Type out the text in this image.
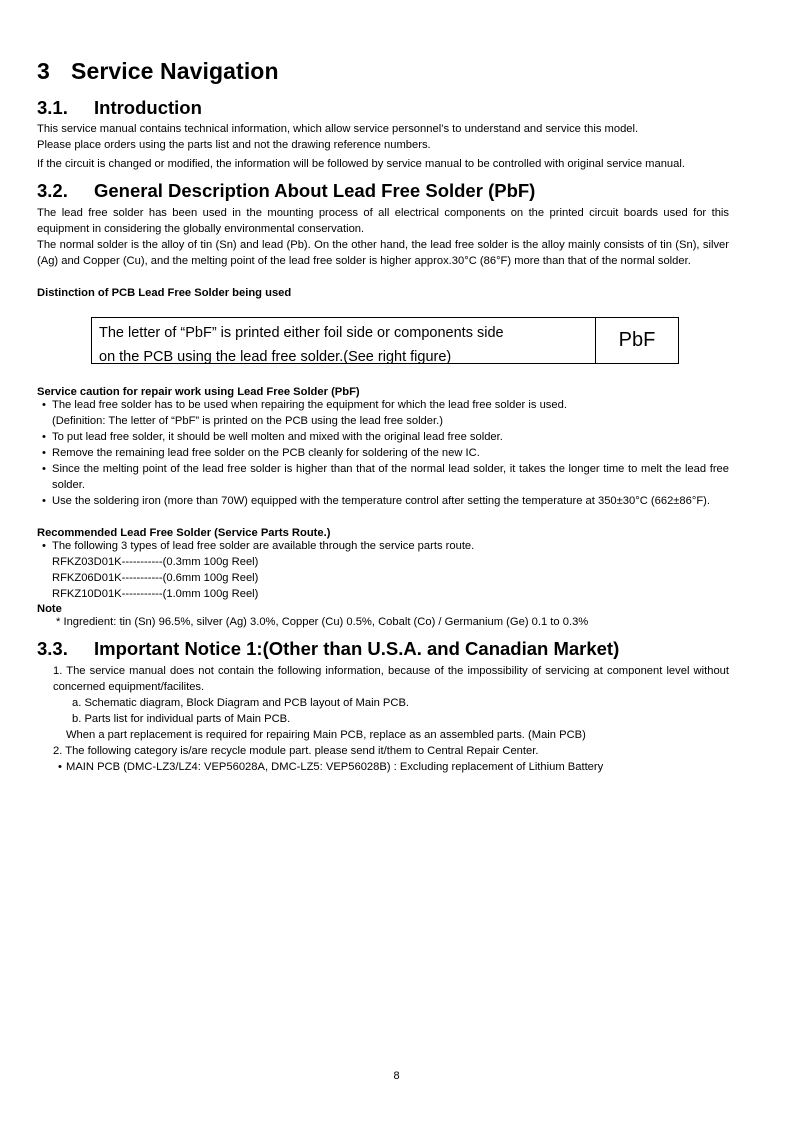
3 Service Navigation
3.1. Introduction

This service manual contains technical information, which allow service personnel’s to understand and service this model.

Please place orders using the parts list and not the drawing reference numbers.

If the circuit is changed or modified, the information will be followed by service manual to be controlled with original service manual.

3.2. General Description About Lead Free Solder (PbF)

The lead free solder has been used in the mounting process of all electrical components on the printed circuit boards used for this equipment in considering the globally environmental conservation.

The normal solder is the alloy of tin (Sn) and lead (Pb). On the other hand, the lead free solder is the alloy mainly consists of tin (Sn), silver (Ag) and Copper (Cu), and the melting point of the lead free solder is higher approx.30°C (86°F) more than that of the normal solder.

Distinction of PCB Lead Free Solder being used

The letter of “PbF” is printed either foil side or components side
on the PCB using the lead free solder.(See right figure)
PbF

Service caution for repair work using Lead Free Solder (PbF)

• The lead free solder has to be used when repairing the equipment for which the lead free solder is used.

(Definition: The letter of “PbF” is printed on the PCB using the lead free solder.)

• To put lead free solder, it should be well molten and mixed with the original lead free solder.
• Remove the remaining lead free solder on the PCB cleanly for soldering of the new IC.
• Since the melting point of the lead free solder is higher than that of the normal lead solder, it takes the longer time to melt the lead free solder.
• Use the soldering iron (more than 70W) equipped with the temperature control after setting the temperature at 350±30°C (662±86°F).

Recommended Lead Free Solder (Service Parts Route.)

• The following 3 types of lead free solder are available through the service parts route.

RFKZ03D01K-----------(0.3mm 100g Reel)

RFKZ06D01K-----------(0.6mm 100g Reel)

RFKZ10D01K-----------(1.0mm 100g Reel)

Note

* Ingredient: tin (Sn) 96.5%, silver (Ag) 3.0%, Copper (Cu) 0.5%, Cobalt (Co) / Germanium (Ge) 0.1 to 0.3%

3.3. Important Notice 1:(Other than U.S.A. and Canadian Market)

1. The service manual does not contain the following information, because of the impossibility of servicing at component level without concerned equipment/facilites.

a. Schematic diagram, Block Diagram and PCB layout of Main PCB.

b. Parts list for individual parts of Main PCB.

When a part replacement is required for repairing Main PCB, replace as an assembled parts. (Main PCB)

2. The following category is/are recycle module part. please send it/them to Central Repair Center.

• MAIN PCB (DMC-LZ3/LZ4: VEP56028A, DMC-LZ5: VEP56028B) : Excluding replacement of Lithium Battery
8
